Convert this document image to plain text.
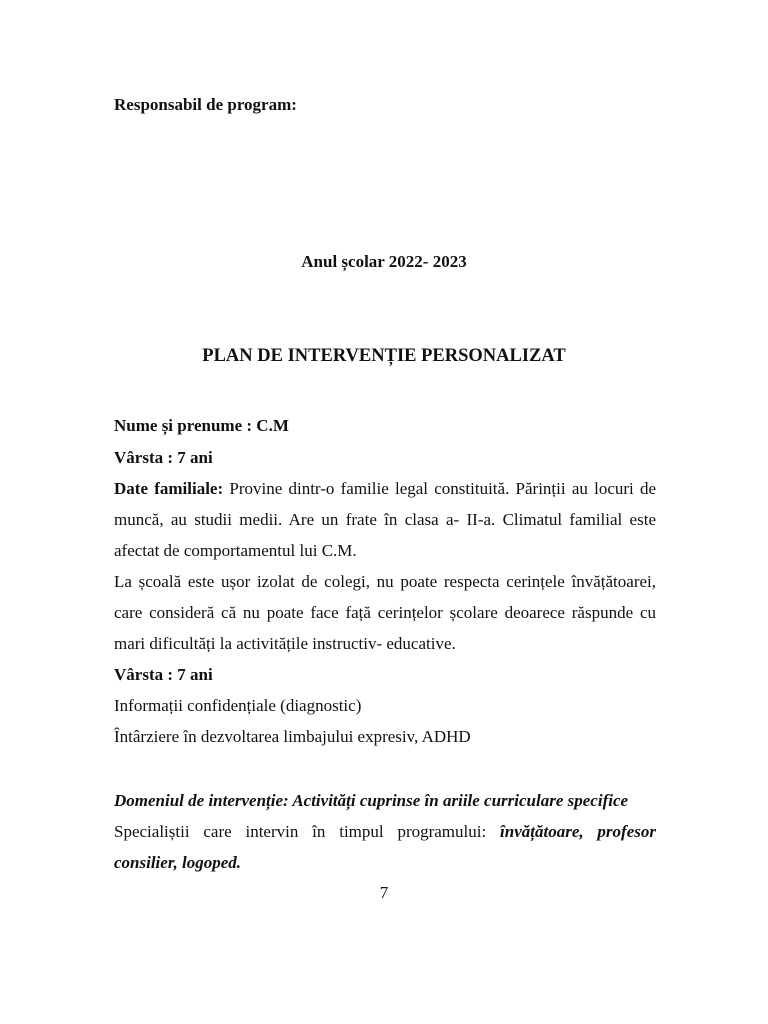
Responsabil de program:
Anul școlar 2022- 2023
PLAN DE INTERVENȚIE PERSONALIZAT
Nume și prenume : C.M
Vârsta : 7 ani
Date familiale: Provine dintr-o familie legal constituită. Părinții au locuri de
muncă, au studii medii. Are un frate în clasa a- II-a. Climatul familial este
afectat de comportamentul lui C.M.
La școală este ușor izolat de colegi, nu poate respecta cerințele învățătoarei,
care consideră că nu poate face față cerințelor școlare deoarece răspunde cu
mari dificultăți la activitățile instructiv- educative.
Vârsta : 7 ani
Informații confidențiale (diagnostic)
Întârziere în dezvoltarea limbajului expresiv, ADHD
Domeniul de intervenție: Activități cuprinse în ariile curriculare specifice
Specialiștii care intervin în timpul programului: învățătoare, profesor
consilier, logoped.
7
